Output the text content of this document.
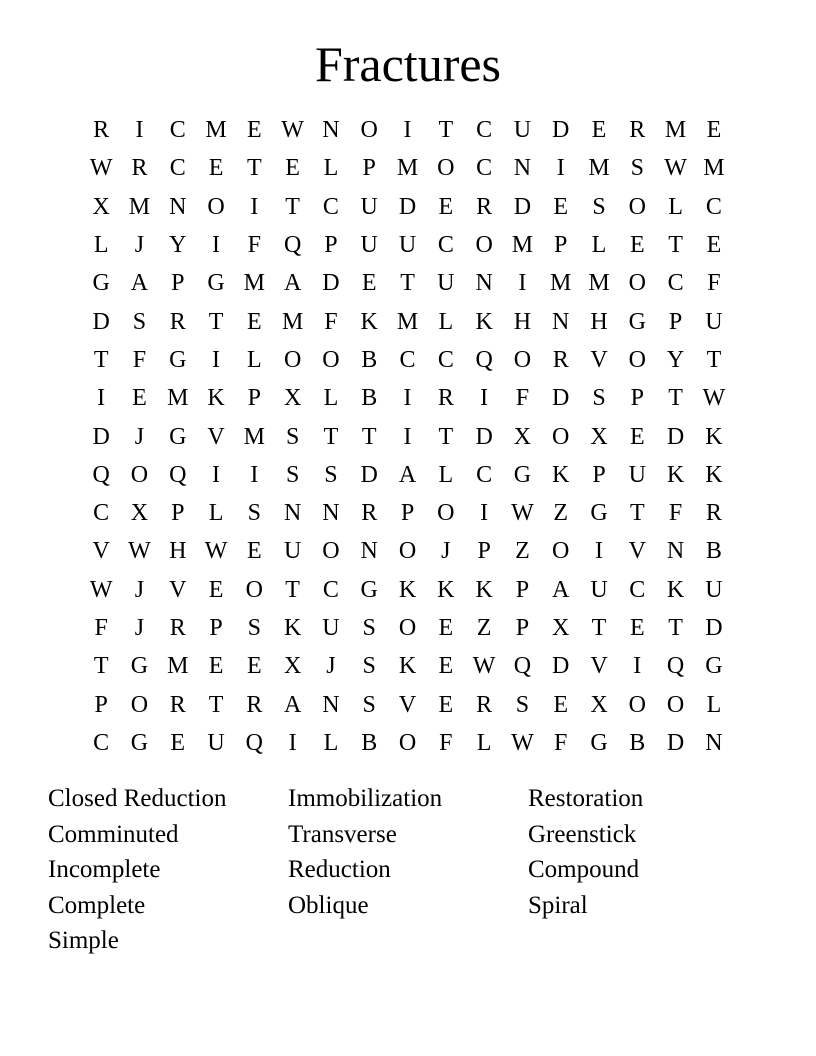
Fractures
R	I	C M E W N O	I	T C U D E R M E
W R C E T E L	P M O C N	I M S W M
X M N O	I	T C U D E R D E	S O L C
L	J	Y	I	F Q P U U C O M P	L E T E
G A P G M A D E T U N	I M M O C F
D S R T E M F K M L K H N H G P U
T	F G	I	L O O B C C Q O R V O Y T
I	E M K P X L B	I	R	I	F D S	P	T W
D	J	G V M S	T T	I	T D X O X E D K
Q O Q	I	I	S	S D A L C G K P U K K
C X P	L	S N N R P O	I W Z G T	F R
V W H W E U O N O	J	P	Z O	I	V N B
W J	V E O T C G K K K P A U C K U
F	J	R P	S K U S O E Z	P X T E T D
T G M E E X	J	S K E W Q D V	I	Q G
P O R T R A N S V E R S	E X O O L
C G E U Q	I	L B O F	L W F G B D N
Closed Reduction	Immobilization	Restoration
Comminuted	Transverse	Greenstick
Incomplete	Reduction	Compound
Complete	Oblique	Spiral
Simple
